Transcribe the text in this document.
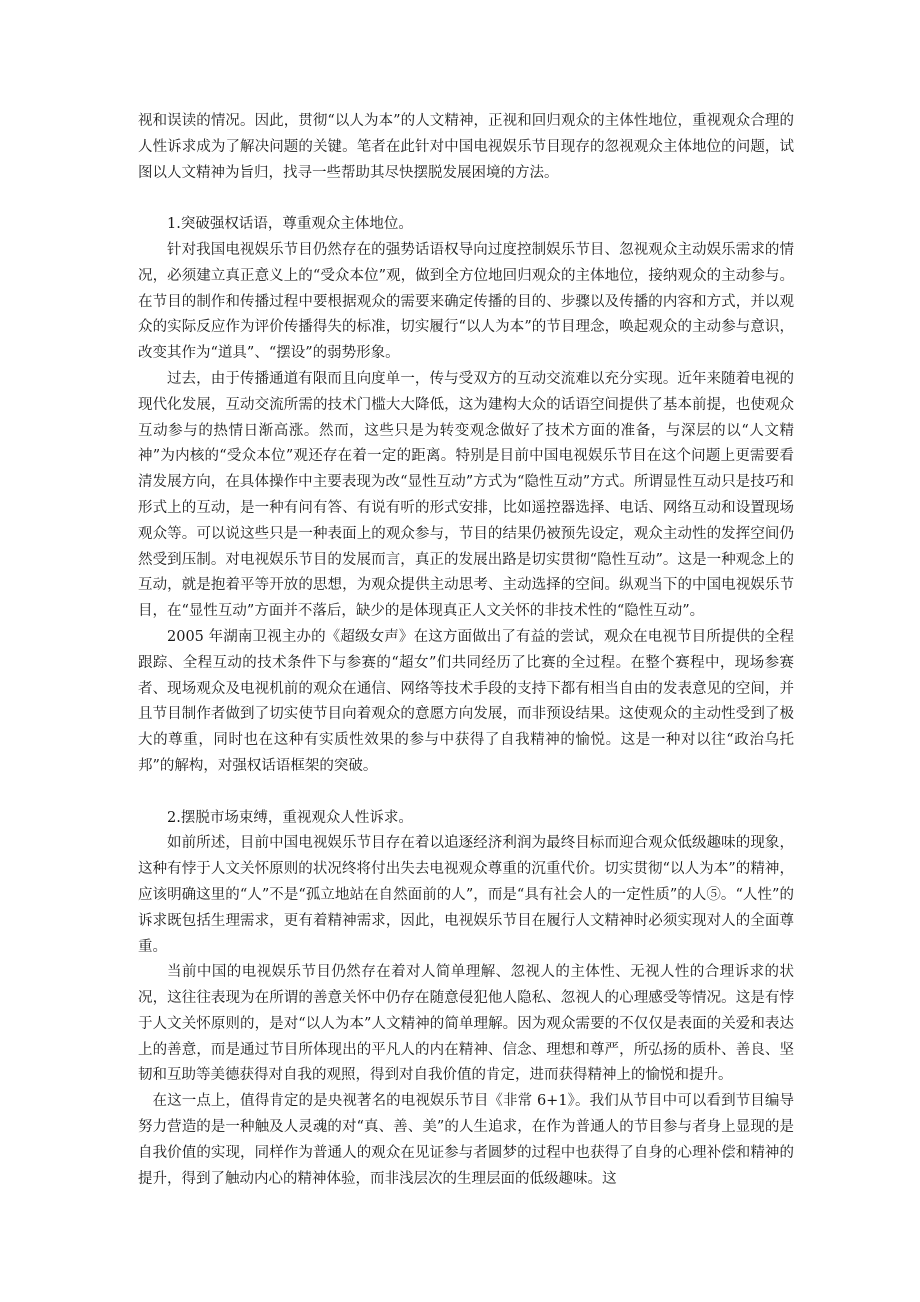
视和误读的情况。因此，贯彻“以人为本”的人文精神，正视和回归观众的主体性地位，重视观众合理的人性诉求成为了解决问题的关键。笔者在此针对中国电视娱乐节目现存的忽视观众主体地位的问题，试图以人文精神为旨归，找寻一些帮助其尽快摆脱发展困境的方法。

1.突破强权话语，尊重观众主体地位。

针对我国电视娱乐节目仍然存在的强势话语权导向过度控制娱乐节目、忽视观众主动娱乐需求的情况，必须建立真正意义上的“受众本位”观，做到全方位地回归观众的主体地位，接纳观众的主动参与。在节目的制作和传播过程中要根据观众的需要来确定传播的目的、步骤以及传播的内容和方式，并以观众的实际反应作为评价传播得失的标准，切实履行“以人为本”的节目理念，唤起观众的主动参与意识，改变其作为“道具”、“摆设”的弱势形象。

过去，由于传播通道有限而且向度单一，传与受双方的互动交流难以充分实现。近年来随着电视的现代化发展，互动交流所需的技术门槛大大降低，这为建构大众的话语空间提供了基本前提，也使观众互动参与的热情日渐高涨。然而，这些只是为转变观念做好了技术方面的准备，与深层的以“人文精神”为内核的“受众本位”观还存在着一定的距离。特别是目前中国电视娱乐节目在这个问题上更需要看清发展方向，在具体操作中主要表现为改“显性互动”方式为“隐性互动”方式。所谓显性互动只是技巧和形式上的互动，是一种有问有答、有说有听的形式安排，比如遥控器选择、电话、网络互动和设置现场观众等。可以说这些只是一种表面上的观众参与，节目的结果仍被预先设定，观众主动性的发挥空间仍然受到压制。对电视娱乐节目的发展而言，真正的发展出路是切实贯彻“隐性互动”。这是一种观念上的互动，就是抱着平等开放的思想，为观众提供主动思考、主动选择的空间。纵观当下的中国电视娱乐节目，在“显性互动”方面并不落后，缺少的是体现真正人文关怀的非技术性的“隐性互动”。

2005 年湖南卫视主办的《超级女声》在这方面做出了有益的尝试，观众在电视节目所提供的全程跟踪、全程互动的技术条件下与参赛的“超女”们共同经历了比赛的全过程。在整个赛程中，现场参赛者、现场观众及电视机前的观众在通信、网络等技术手段的支持下都有相当自由的发表意见的空间，并且节目制作者做到了切实使节目向着观众的意愿方向发展，而非预设结果。这使观众的主动性受到了极大的尊重，同时也在这种有实质性效果的参与中获得了自我精神的愉悦。这是一种对以往“政治乌托邦”的解构，对强权话语框架的突破。

2.摆脱市场束缚，重视观众人性诉求。

如前所述，目前中国电视娱乐节目存在着以追逐经济利润为最终目标而迎合观众低级趣味的现象，这种有悖于人文关怀原则的状况终将付出失去电视观众尊重的沉重代价。切实贯彻“以人为本”的精神，应该明确这里的“人”不是“孤立地站在自然面前的人”，而是“具有社会人的一定性质”的人⑤。“人性”的诉求既包括生理需求，更有着精神需求，因此，电视娱乐节目在履行人文精神时必须实现对人的全面尊重。

当前中国的电视娱乐节目仍然存在着对人简单理解、忽视人的主体性、无视人性的合理诉求的状况，这往往表现为在所谓的善意关怀中仍存在随意侵犯他人隐私、忽视人的心理感受等情况。这是有悖于人文关怀原则的，是对“以人为本”人文精神的简单理解。因为观众需要的不仅仅是表面的关爱和表达上的善意，而是通过节目所体现出的平凡人的内在精神、信念、理想和尊严，所弘扬的质朴、善良、坚韧和互助等美德获得对自我的观照，得到对自我价值的肯定，进而获得精神上的愉悦和提升。

在这一点上，值得肯定的是央视著名的电视娱乐节目《非常 6+1》。我们从节目中可以看到节目编导努力营造的是一种触及人灵魂的对“真、善、美”的人生追求，在作为普通人的节目参与者身上显现的是自我价值的实现，同样作为普通人的观众在见证参与者圆梦的过程中也获得了自身的心理补偿和精神的提升，得到了触动内心的精神体验，而非浅层次的生理层面的低级趣味。这
